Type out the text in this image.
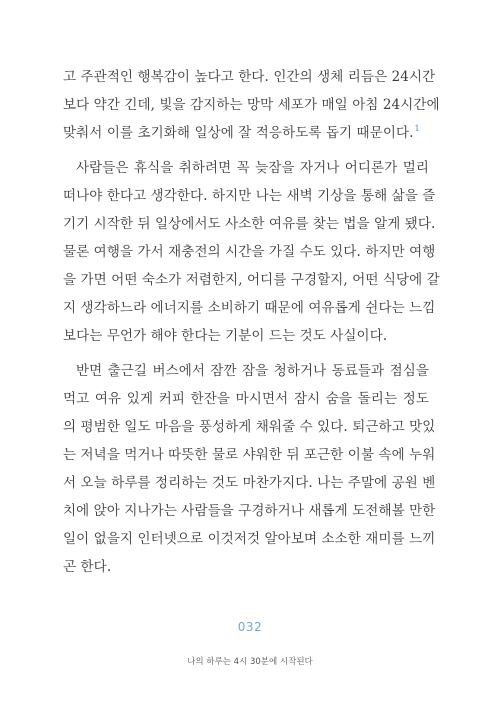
고 주관적인 행복감이 높다고 한다. 인간의 생체 리듬은 24시간
보다 약간 긴데, 빛을 감지하는 망막 세포가 매일 아침 24시간에
맞춰서 이를 초기화해 일상에 잘 적응하도록 돕기 때문이다.$^1$
사람들은 휴식을 취하려면 꼭 늦잠을 자거나 어디론가 멀리
떠나야 한다고 생각한다. 하지만 나는 새벽 기상을 통해 삶을 즐
기기 시작한 뒤 일상에서도 사소한 여유를 찾는 법을 알게 됐다.
물론 여행을 가서 재충전의 시간을 가질 수도 있다. 하지만 여행
을 가면 어떤 숙소가 저렴한지, 어디를 구경할지, 어떤 식당에 갈
지 생각하느라 에너지를 소비하기 때문에 여유롭게 쉰다는 느낌
보다는 무언가 해야 한다는 기분이 드는 것도 사실이다.
반면 출근길 버스에서 잠깐 잠을 청하거나 동료들과 점심을
먹고 여유 있게 커피 한잔을 마시면서 잠시 숨을 돌리는 정도
의 평범한 일도 마음을 풍성하게 채워줄 수 있다. 퇴근하고 맛있
는 저녁을 먹거나 따뜻한 물로 샤워한 뒤 포근한 이불 속에 누워
서 오늘 하루를 정리하는 것도 마찬가지다. 나는 주말에 공원 벤
치에 앉아 지나가는 사람들을 구경하거나 새롭게 도전해볼 만한
일이 없을지 인터넷으로 이것저것 알아보며 소소한 재미를 느끼
곤 한다.
032
나의 하루는 4시 30분에 시작된다
